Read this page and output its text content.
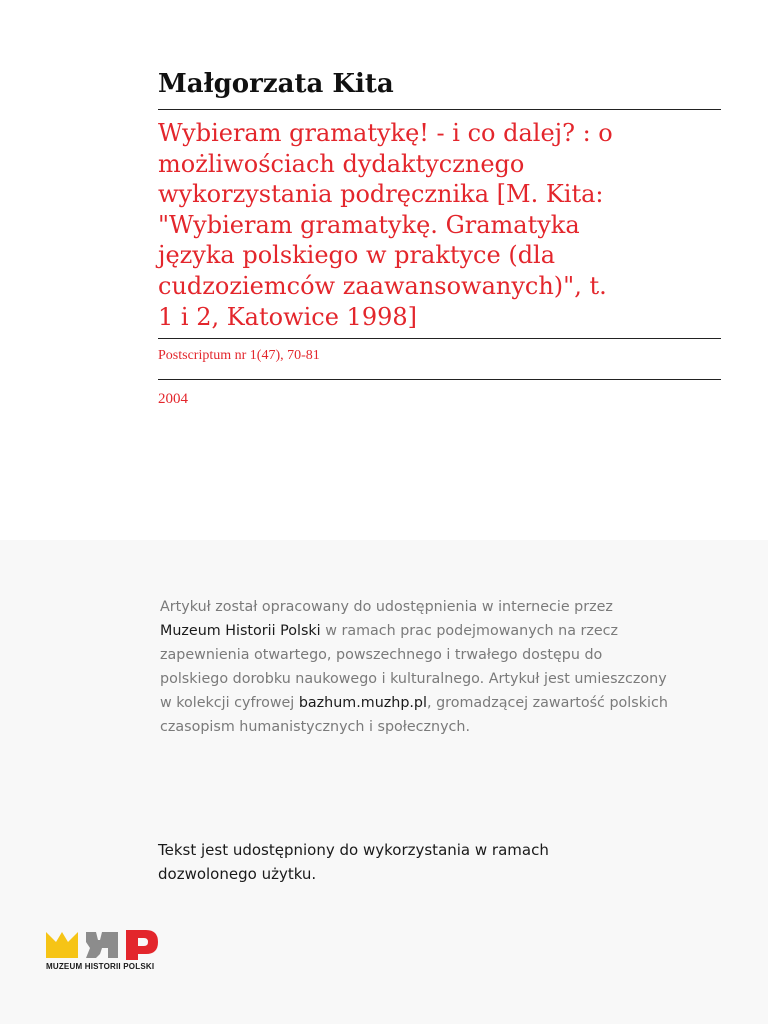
Małgorzata Kita
Wybieram gramatykę! - i co dalej? : o
możliwościach dydaktycznego
wykorzystania podręcznika [M. Kita:
"Wybieram gramatykę. Gramatyka
języka polskiego w praktyce (dla
cudzoziemców zaawansowanych)", t.
1 i 2, Katowice 1998]
Postscriptum nr 1(47), 70-81
2004
Artykuł został opracowany do udostępnienia w internecie przez
Muzeum Historii Polski w ramach prac podejmowanych na rzecz
zapewnienia otwartego, powszechnego i trwałego dostępu do
polskiego dorobku naukowego i kulturalnego. Artykuł jest umieszczony
w kolekcji cyfrowej bazhum.muzhp.pl, gromadzącej zawartość polskich
czasopism humanistycznych i społecznych.
Tekst jest udostępniony do wykorzystania w ramach
dozwolonego użytku.
MUZEUM HISTORII POLSKI
